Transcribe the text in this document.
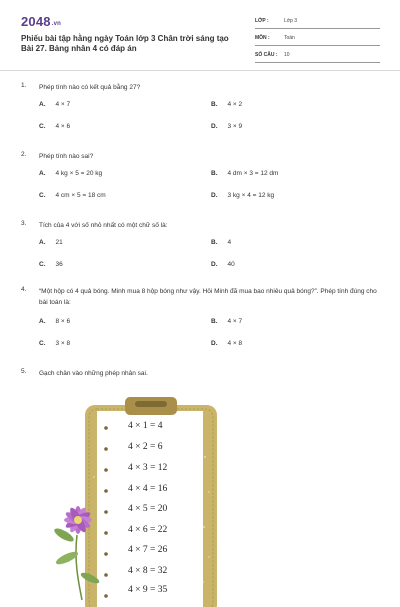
2048.vn
Phiếu bài tập hằng ngày Toán lớp 3 Chân trời sáng tạo Bài 27. Bảng nhân 4 có đáp án
LỚP :	Lớp 3
MÔN :	Toán
SỐ CÂU : 10
1. Phép tính nào có kết quả bằng 27?
A. 4 × 7	B. 4 × 2
C. 4 × 6	D. 3 × 9
2. Phép tính nào sai?
A. 4 kg × 5 = 20 kg	B. 4 dm × 3 = 12 dm
C. 4 cm × 5 = 18 cm	D. 3 kg × 4 = 12 kg
3. Tích của 4 với số nhỏ nhất có một chữ số là:
A. 21	B. 4
C. 36	D. 40
4. “Một hộp có 4 quả bóng. Minh mua 8 hộp bóng như vậy. Hỏi Minh đã mua bao nhiêu quả bóng?”. Phép tính đúng cho bài toán là:
A. 8 × 6	B. 4 × 7
C. 3 × 8	D. 4 × 8
5. Gạch chân vào những phép nhân sai.
4 × 1 = 4
4 × 2 = 6
4 × 3 = 12
4 × 4 = 16
4 × 5 = 20
4 × 6 = 22
4 × 7 = 26
4 × 8 = 32
4 × 9 = 35
